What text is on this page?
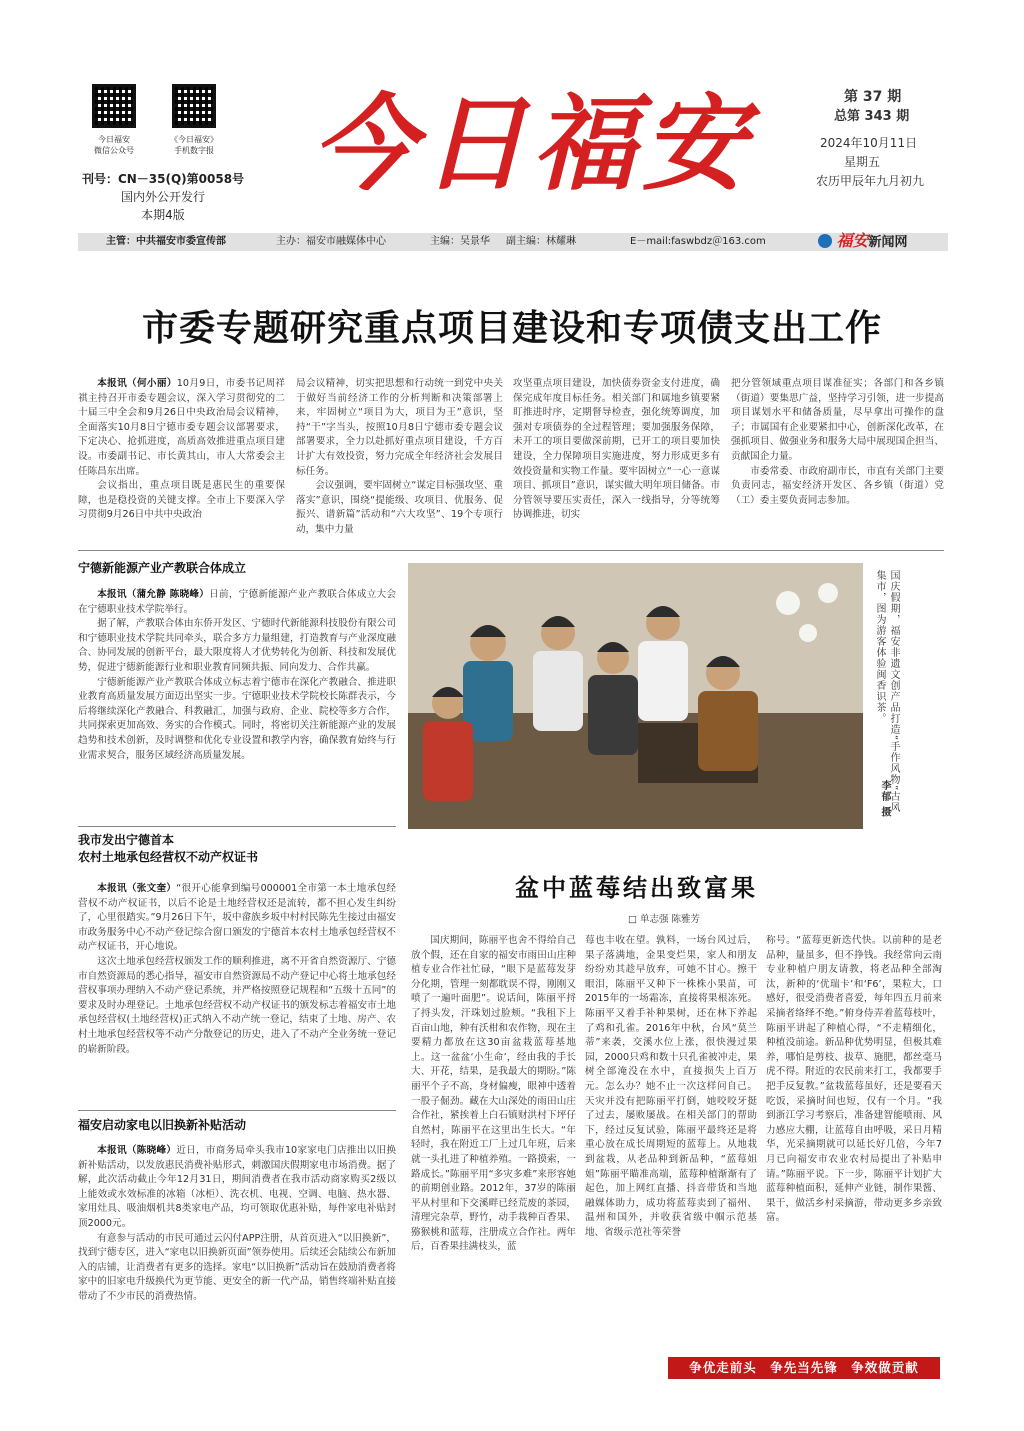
今日福安
微信公众号
《今日福安》
手机数字报
刊号：CN－35(Q)第0058号
国内外公开发行
本期4版
今日福安	第 37 期
总第 343 期
2024年10月11日
星期五
农历甲辰年九月初九
主管：中共福安市委宣传部	主办：福安市融媒体中心	主编：吴景华 副主编：林耀琳	E－mail:faswbdz＠163.com	福安新闻网
市委专题研究重点项目建设和专项债支出工作

本报讯（何小丽）10月9日，市委书记周祥祺主持召开市委专题会议，深入学习贯彻党的二十届三中全会和9月26日中央政治局会议精神，全面落实10月8日宁德市委专题会议部署要求，下定决心、抢抓进度，高质高效推进重点项目建设。市委副书记、市长黄其山，市人大常委会主任陈昌东出席。

会议指出，重点项目既是惠民生的重要保障，也是稳投资的关键支撑。全市上下要深入学习贯彻9月26日中共中央政治

局会议精神，切实把思想和行动统一到党中央关于做好当前经济工作的分析判断和决策部署上来，牢固树立“项目为大，项目为王”意识，坚持“干”字当头，按照10月8日宁德市委专题会议部署要求，全力以赴抓好重点项目建设，千方百计扩大有效投资，努力完成全年经济社会发展目标任务。

会议强调，要牢固树立“谋定目标强攻坚、重落实”意识，围绕“提能级、攻项目、优服务、促振兴、谱新篇”活动和“六大攻坚”、19个专项行动，集中力量

攻坚重点项目建设，加快债券资金支付进度，确保完成年度目标任务。相关部门和属地乡镇要紧盯推进时序，定期督导检查，强化统筹调度，加强对专项债券的全过程管理；要加强服务保障，未开工的项目要做深前期，已开工的项目要加快建设，全力保障项目实施进度，努力形成更多有效投资量和实物工作量。要牢固树立“一心一意谋项目、抓项目”意识，谋实做大明年项目储备。市分管领导要压实责任，深入一线指导，分等统筹协调推进，切实

把分管领域重点项目谋准征实；各部门和各乡镇（街道）要集思广益，坚持学习引领，进一步提高项目谋划水平和储备质量，尽早拿出可操作的盘子；市属国有企业要紧扣中心，创新深化改革，在强抓项目、做强业务和服务大局中展现国企担当、贡献国企力量。

市委常委、市政府副市长，市直有关部门主要负责同志，福安经济开发区、各乡镇（街道）党（工）委主要负责同志参加。

宁德新能源产业产教联合体成立

本报讯（蒲允静 陈晓峰）日前，宁德新能源产业产教联合体成立大会在宁德职业技术学院举行。

据了解，产教联合体由东侨开发区、宁德时代新能源科技股份有限公司和宁德职业技术学院共同牵头，联合多方力量组建，打造教育与产业深度融合、协同发展的创新平台，最大限度将人才优势转化为创新、科技和发展优势，促进宁德新能源行业和职业教育同频共振、同向发力、合作共赢。

宁德新能源产业产教联合体成立标志着宁德市在深化产教融合、推进职业教育高质量发展方面迈出坚实一步。宁德职业技术学院校长陈群表示，今后将继续深化产教融合、科教融汇，加强与政府、企业、院校等多方合作，共同探索更加高效、务实的合作模式。同时，将密切关注新能源产业的发展趋势和技术创新，及时调整和优化专业设置和教学内容，确保教育始终与行业需求契合，服务区域经济高质量发展。

我市发出宁德首本
农村土地承包经营权不动产权证书

本报讯（张文奎）“很开心能拿到编号000001全市第一本土地承包经营权不动产权证书，以后不论是土地经营权还是流转，都不担心发生纠纷了，心里很踏实。”9月26日下午，坂中畲族乡坂中村村民陈先生接过由福安市政务服务中心不动产登记综合窗口颁发的宁德首本农村土地承包经营权不动产权证书，开心地说。

这次土地承包经营权颁发工作的顺利推进，离不开省自然资源厅、宁德市自然资源局的悉心指导，福安市自然资源局不动产登记中心将土地承包经营权事项办理纳入不动产登记系统，并严格按照登记规程和“五级十五同”的要求及时办理登记。土地承包经营权不动产权证书的颁发标志着福安市土地承包经营权(土地经营权)正式纳入不动产统一登记，结束了土地、房产、农村土地承包经营权等不动产分散登记的历史，进入了不动产全业务统一登记的崭新阶段。

福安启动家电以旧换新补贴活动

本报讯（陈晓峰）近日，市商务局牵头我市10家家电门店推出以旧换新补贴活动，以发放惠民消费补贴形式，刺激国庆假期家电市场消费。据了解，此次活动截止今年12月31日，期间消费者在我市活动商家购买2级以上能效或水效标准的冰箱（冰柜）、洗衣机、电视、空调、电脑、热水器、家用灶具、吸油烟机共8类家电产品，均可领取优惠补贴，每件家电补贴封顶2000元。

有意参与活动的市民可通过云闪付APP注册，从首页进入“以旧换新”，找到宁德专区，进入“家电以旧换新页面”领券使用。后续还会陆续公布新加入的店铺，让消费者有更多的选择。家电“以旧换新”活动旨在鼓励消费者将家中的旧家电升级换代为更节能、更安全的新一代产品，销售终端补贴直接带动了不少市民的消费热情。

国庆假期，福安非遗文创产品打造“手作风物”古风集市，图为游客体验闽香识茶。
李郁 摄
盆中蓝莓结出致富果
□ 单志强 陈雅芳

国庆期间，陈丽平也舍不得给自己放个假，还在自家的福安市雨田山庄种植专业合作社忙碌，“眼下是蓝莓发芽分化期，管理一刻都耽误不得，刚刚又喷了一遍叶面肥”。说话间，陈丽平捋了捋头发，汗珠划过脸颊。“我租下上百亩山地，种有沃柑和农作物，现在主要精力都放在这30亩盆栽蓝莓基地上。这一盆盆‘小生命’，经由我的手长大、开花，结果，是我最大的期盼。”陈丽平个子不高，身材偏瘦，眼神中透着一股子倔劲。藏在大山深处的雨田山庄合作社，紧挨着上白石镇财洪村下坪仔自然村，陈丽平在这里出生长大。“年轻时，我在附近工厂上过几年班，后来就一头扎进了种植养殖。一路摸索，一路成长。”陈丽平用“多灾多难”来形容她的前期创业路。2012年，37岁的陈丽平从村里和下交溪畔已经荒废的茶园，清理完杂草，野竹，动手栽种百香果、猕猴桃和蓝莓，注册成立合作社。两年后，百香果挂满枝头，蓝

莓也丰收在望。孰料，一场台风过后，果子落满地，金果变烂果，家人和朋友纷纷劝其趁早放弃，可她不甘心。擦干眼泪，陈丽平又种下一株株小果苗，可2015年的一场霜冻，直接将果根冻死。陈丽平又着手补种果树，还在林下养起了鸡和孔雀。2016年中秋，台风“莫兰蒂”来袭，交溪水位上涨，很快漫过果园，2000只鸡和数十只孔雀被冲走，果树全部淹没在水中，直接损失上百万元。怎么办？她不止一次这样问自己。天灾并没有把陈丽平打倒，她咬咬牙挺了过去，屡败屡战。在相关部门的帮助下，经过反复试验，陈丽平最终还是将重心放在成长周期短的蓝莓上。从地栽到盆栽，从老品种到新品种，“蓝莓姐姐”陈丽平瞄准高端，蓝莓种植渐渐有了起色，加上网红直播、抖音带货和当地融媒体助力，成功将蓝莓卖到了福州、温州和国外，并收获省级中帼示范基地、省级示范社等荣誉

称号。“蓝莓更新迭代快。以前种的是老品种，量虽多，但不挣钱。我经常向云南专业种植户朋友请教，将老品种全部淘汰，新种的‘优瑞卡’和‘F6’，果粒大，口感好，很受消费者喜爱，每年四五月前来采摘者络绎不绝。”俯身侍弄着蓝莓枝叶，陈丽平讲起了种植心得，“不走精细化，种植没前途。新品种优势明显，但极其难养，哪怕是剪枝、拔草、施肥，都丝毫马虎不得。附近的农民前来打工，我都要手把手反复教。”盆栽蓝莓虽好，还是要看天吃饭，采摘时间也短，仅有一个月。“我到浙江学习考察后，准备建智能喷雨、风力感应大棚，让蓝莓自由呼吸，采日月精华，光采摘期就可以延长好几倍，今年7月已向福安市农业农村局提出了补贴申请。”陈丽平说。下一步，陈丽平计划扩大蓝莓种植面积，延伸产业链，制作果酱、果干，做活乡村采摘游，带动更多乡亲致富。

争优走前头　争先当先锋　争效做贡献
